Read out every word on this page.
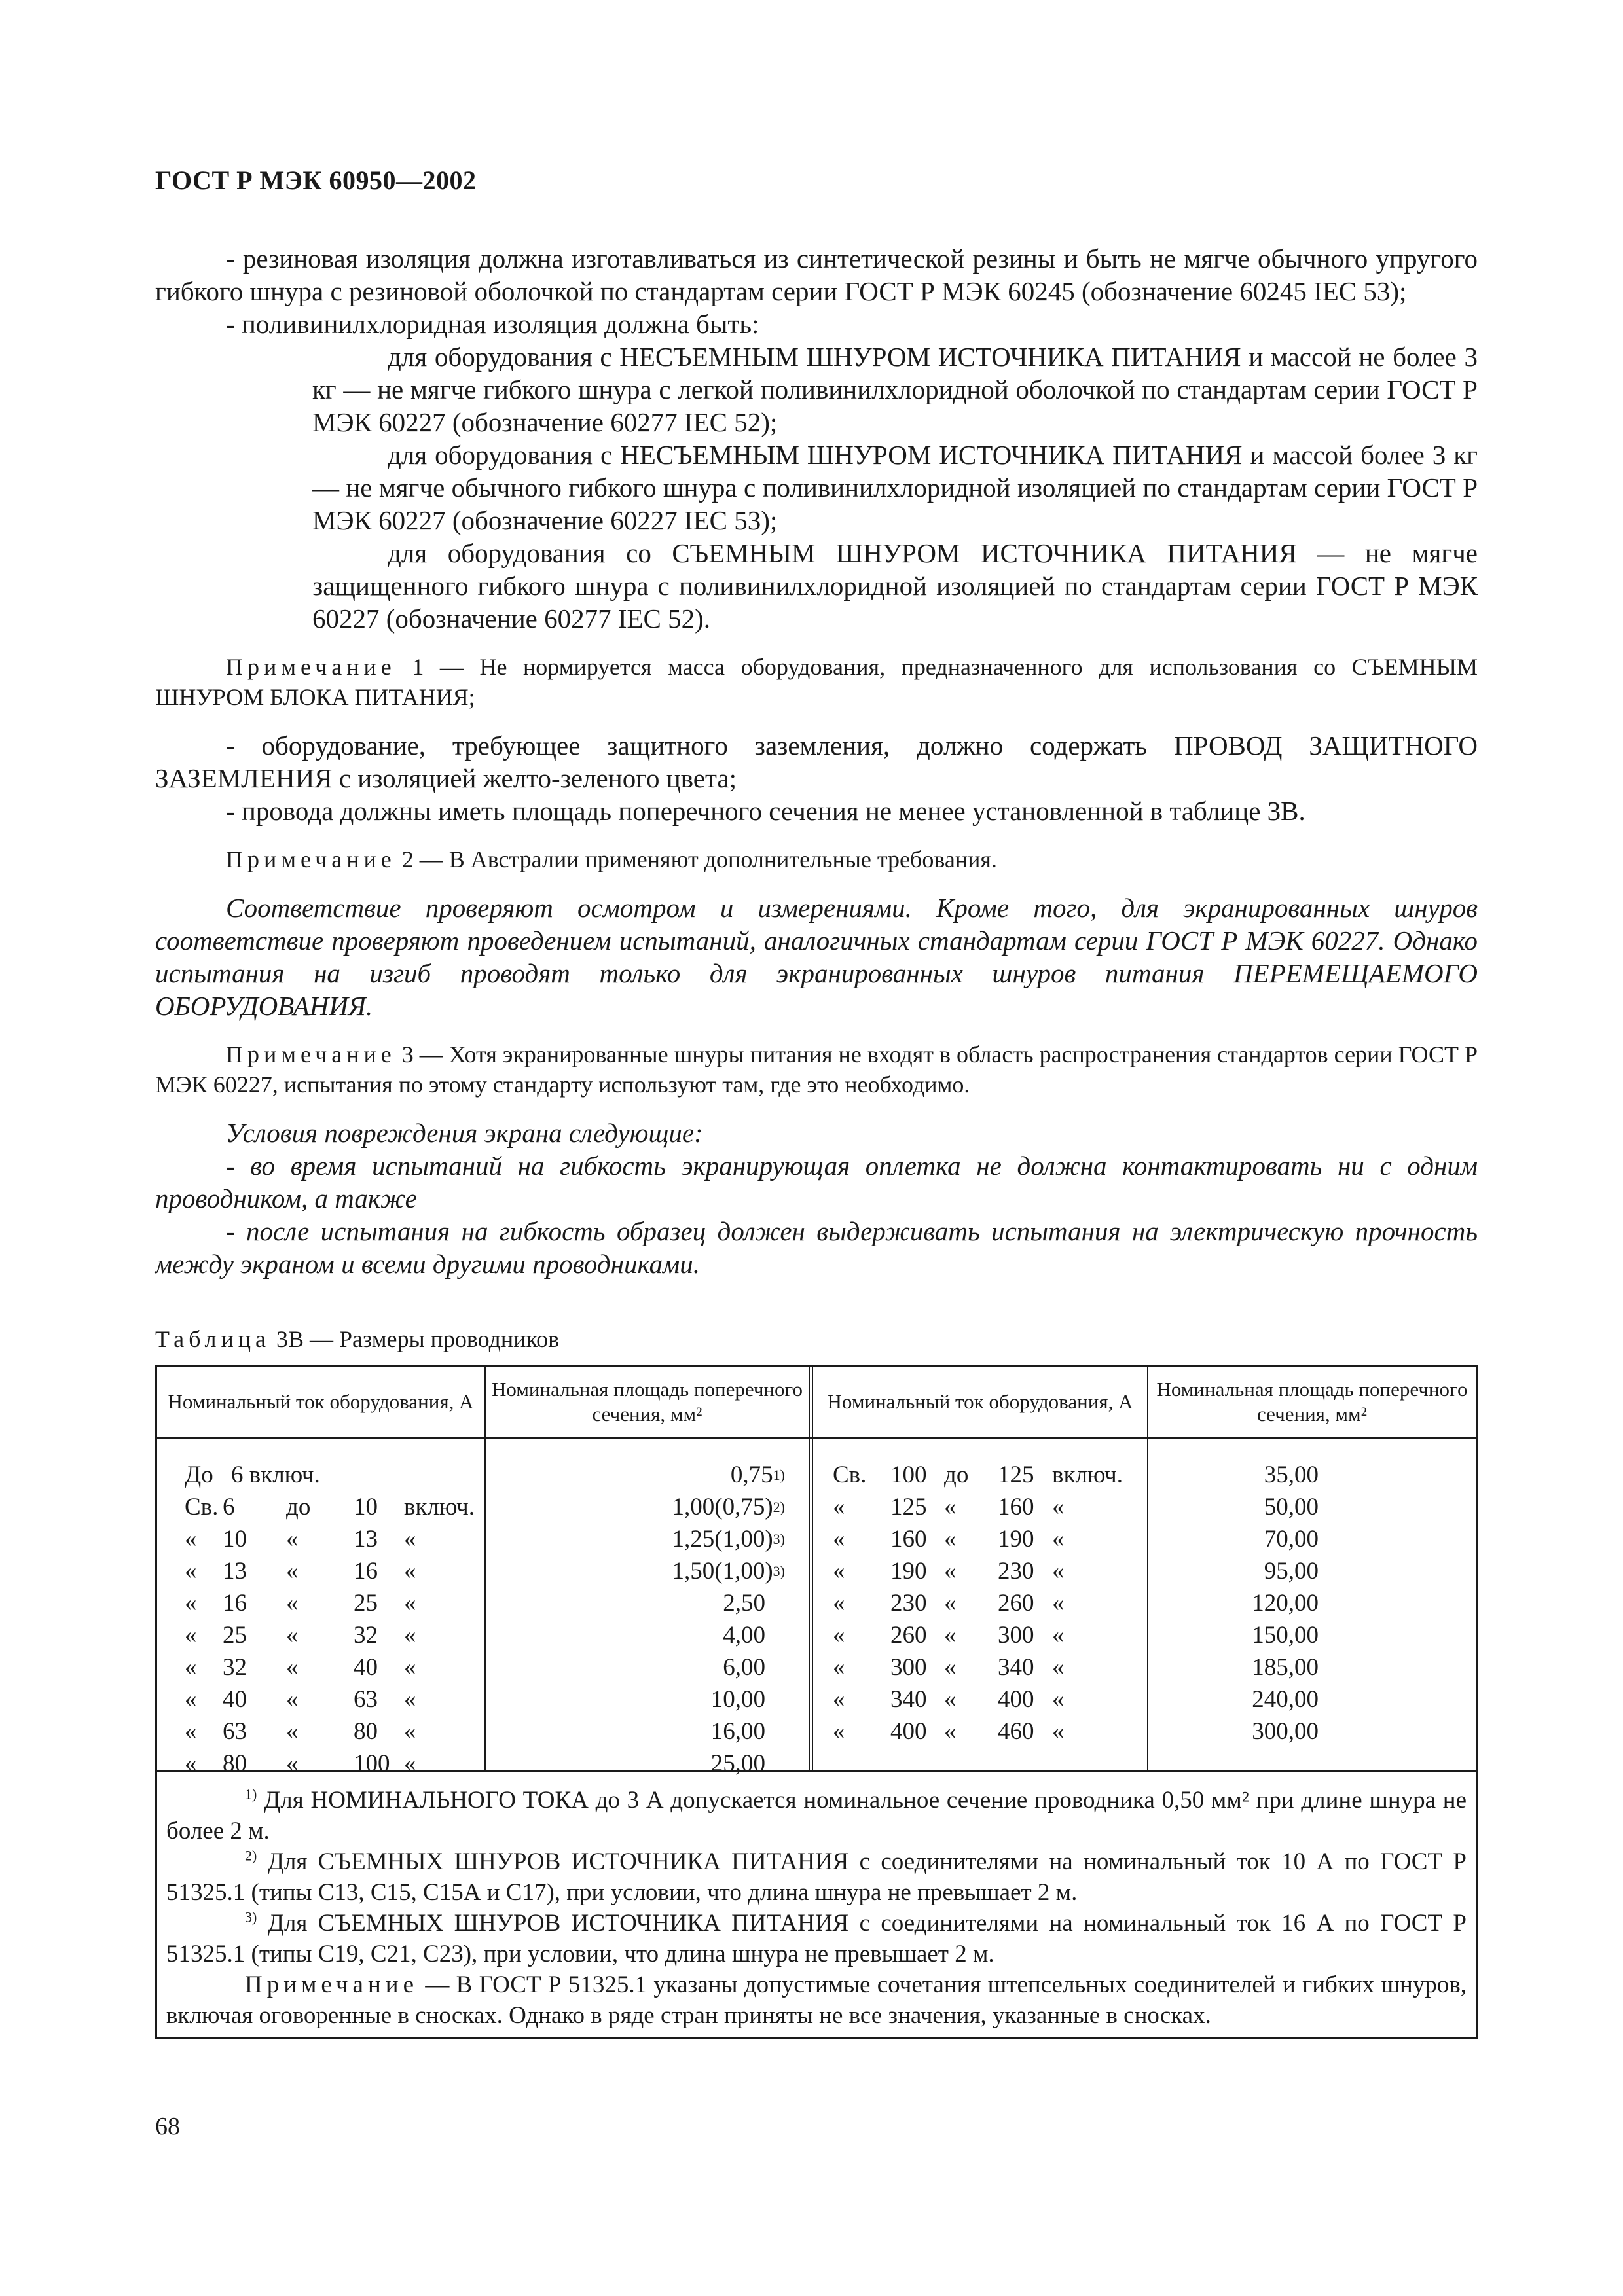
ГОСТ Р МЭК 60950—2002

- резиновая изоляция должна изготавливаться из синтетической резины и быть не мягче обычного упругого гибкого шнура с резиновой оболочкой по стандартам серии ГОСТ Р МЭК 60245 (обозначение 60245 IEC 53);

- поливинилхлоридная изоляция должна быть:

для оборудования с НЕСЪЕМНЫМ ШНУРОМ ИСТОЧНИКА ПИТАНИЯ и массой не более 3 кг — не мягче гибкого шнура с легкой поливинилхлоридной оболочкой по стандартам серии ГОСТ Р МЭК 60227 (обозначение 60277 IEC 52);

для оборудования с НЕСЪЕМНЫМ ШНУРОМ ИСТОЧНИКА ПИТАНИЯ и массой более 3 кг — не мягче обычного гибкого шнура с поливинилхлоридной изоляцией по стандартам серии ГОСТ Р МЭК 60227 (обозначение 60227 IEC 53);

для оборудования со СЪЕМНЫМ ШНУРОМ ИСТОЧНИКА ПИТАНИЯ — не мягче защищенного гибкого шнура с поливинилхлоридной изоляцией по стандартам серии ГОСТ Р МЭК 60227 (обозначение 60277 IEC 52).

Примечание 1 — Не нормируется масса оборудования, предназначенного для использования со СЪЕМНЫМ ШНУРОМ БЛОКА ПИТАНИЯ;

- оборудование, требующее защитного заземления, должно содержать ПРОВОД ЗАЩИТНОГО ЗАЗЕМЛЕНИЯ с изоляцией желто-зеленого цвета;

- провода должны иметь площадь поперечного сечения не менее установленной в таблице 3В.

Примечание 2 — В Австралии применяют дополнительные требования.

Соответствие проверяют осмотром и измерениями. Кроме того, для экранированных шнуров соответствие проверяют проведением испытаний, аналогичных стандартам серии ГОСТ Р МЭК 60227. Однако испытания на изгиб проводят только для экранированных шнуров питания ПЕРЕМЕЩАЕМОГО ОБОРУДОВАНИЯ.

Примечание 3 — Хотя экранированные шнуры питания не входят в область распространения стандартов серии ГОСТ Р МЭК 60227, испытания по этому стандарту используют там, где это необходимо.

Условия повреждения экрана следующие:

- во время испытаний на гибкость экранирующая оплетка не должна контактировать ни с одним проводником, а также

- после испытания на гибкость образец должен выдерживать испытания на электрическую прочность между экраном и всеми другими проводниками.

Таблица 3В — Размеры проводников
Номинальный ток оборудования, А
Номинальная площадь поперечного сечения, мм²
Номинальный ток оборудования, А
Номинальная площадь поперечного сечения, мм²
До 6 включ.
Св. 6 до 10 включ.
« 10 « 13 «
« 13 « 16 «
« 16 « 25 «
« 25 « 32 «
« 32 « 40 «
« 40 « 63 «
« 63 « 80 «
« 80 « 100 «
0,75 1)
1,00(0,75) 2)
1,25(1,00) 3)
1,50(1,00) 3)
2,50
4,00
6,00
10,00
16,00
25,00
Св. 100 до 125 включ.
« 125 « 160 «
« 160 « 190 «
« 190 « 230 «
« 230 « 260 «
« 260 « 300 «
« 300 « 340 «
« 340 « 400 «
« 400 « 460 «
35,00
50,00
70,00
95,00
120,00
150,00
185,00
240,00
300,00

$^{1)}$ Для НОМИНАЛЬНОГО ТОКА до 3 А допускается номинальное сечение проводника 0,50 мм² при длине шнура не более 2 м.

$^{2)}$ Для СЪЕМНЫХ ШНУРОВ ИСТОЧНИКА ПИТАНИЯ с соединителями на номинальный ток 10 А по ГОСТ Р 51325.1 (типы С13, С15, С15А и С17), при условии, что длина шнура не превышает 2 м.

$^{3)}$ Для СЪЕМНЫХ ШНУРОВ ИСТОЧНИКА ПИТАНИЯ с соединителями на номинальный ток 16 А по ГОСТ Р 51325.1 (типы С19, С21, С23), при условии, что длина шнура не превышает 2 м.

Примечание — В ГОСТ Р 51325.1 указаны допустимые сочетания штепсельных соединителей и гибких шнуров, включая оговоренные в сносках. Однако в ряде стран приняты не все значения, указанные в сносках.

68
